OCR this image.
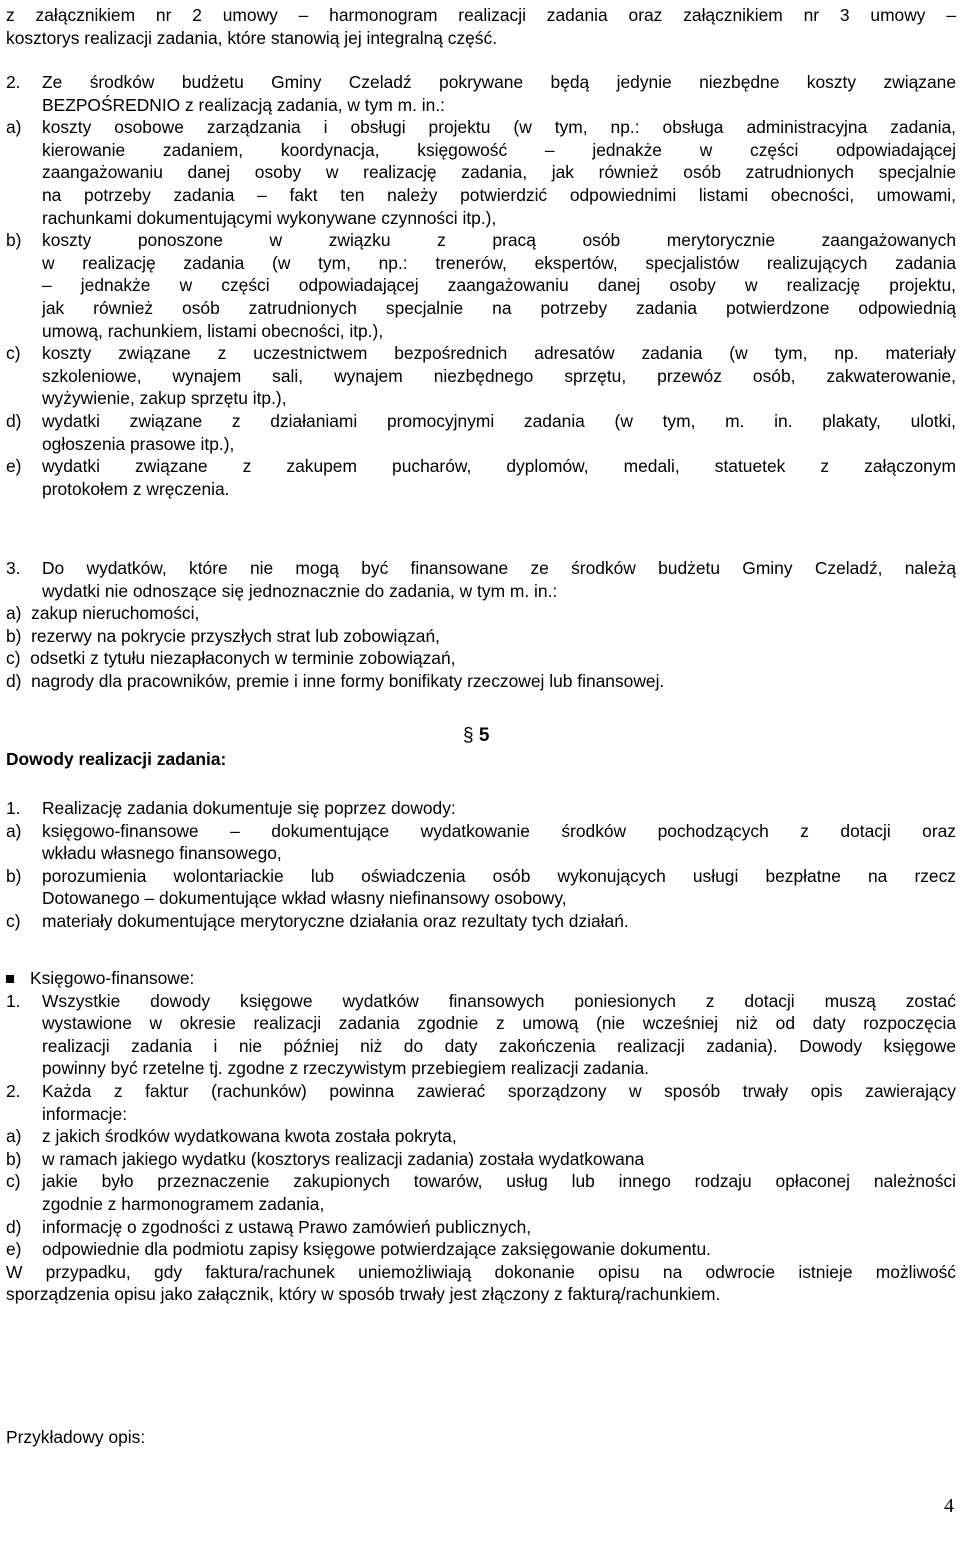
z załącznikiem nr 2 umowy – harmonogram realizacji zadania oraz załącznikiem nr 3 umowy –
kosztorys realizacji zadania, które stanowią jej integralną część.
2. Ze środków budżetu Gminy Czeladź pokrywane będą jedynie niezbędne koszty związane
BEZPOŚREDNIO z realizacją zadania, w tym m. in.:
a) koszty osobowe zarządzania i obsługi projektu (w tym, np.: obsługa administracyjna zadania,
kierowanie zadaniem, koordynacja, księgowość – jednakże w części odpowiadającej
zaangażowaniu danej osoby w realizację zadania, jak również osób zatrudnionych specjalnie
na potrzeby zadania – fakt ten należy potwierdzić odpowiednimi listami obecności, umowami,
rachunkami dokumentującymi wykonywane czynności itp.),
b) koszty ponoszone w związku z pracą osób merytorycznie zaangażowanych
w realizację zadania (w tym, np.: trenerów, ekspertów, specjalistów realizujących zadania
– jednakże w części odpowiadającej zaangażowaniu danej osoby w realizację projektu,
jak również osób zatrudnionych specjalnie na potrzeby zadania potwierdzone odpowiednią
umową, rachunkiem, listami obecności, itp.),
c) koszty związane z uczestnictwem bezpośrednich adresatów zadania (w tym, np. materiały
szkoleniowe, wynajem sali, wynajem niezbędnego sprzętu, przewóz osób, zakwaterowanie,
wyżywienie, zakup sprzętu itp.),
d) wydatki związane z działaniami promocyjnymi zadania (w tym, m. in. plakaty, ulotki,
ogłoszenia prasowe itp.),
e) wydatki związane z zakupem pucharów, dyplomów, medali, statuetek z załączonym
protokołem z wręczenia.
3. Do wydatków, które nie mogą być finansowane ze środków budżetu Gminy Czeladź, należą
wydatki nie odnoszące się jednoznacznie do zadania, w tym m. in.:
a)  zakup nieruchomości,
b)  rezerwy na pokrycie przyszłych strat lub zobowiązań,
c)  odsetki z tytułu niezapłaconych w terminie zobowiązań,
d)  nagrody dla pracowników, premie i inne formy bonifikaty rzeczowej lub finansowej.
§ 5
Dowody realizacji zadania:
1. Realizację zadania dokumentuje się poprzez dowody:
a) księgowo-finansowe – dokumentujące wydatkowanie środków pochodzących z dotacji oraz
wkładu własnego finansowego,
b) porozumienia wolontariackie lub oświadczenia osób wykonujących usługi bezpłatne na rzecz
Dotowanego – dokumentujące wkład własny niefinansowy osobowy,
c) materiały dokumentujące merytoryczne działania oraz rezultaty tych działań.
Księgowo-finansowe:
1. Wszystkie dowody księgowe wydatków finansowych poniesionych z dotacji muszą zostać
wystawione w okresie realizacji zadania zgodnie z umową (nie wcześniej niż od daty rozpoczęcia
realizacji zadania i nie później niż do daty zakończenia realizacji zadania). Dowody księgowe
powinny być rzetelne tj. zgodne z rzeczywistym przebiegiem realizacji zadania.
2. Każda z faktur (rachunków) powinna zawierać sporządzony w sposób trwały opis zawierający
informacje:
a) z jakich środków wydatkowana kwota została pokryta,
b) w ramach jakiego wydatku (kosztorys realizacji zadania) została wydatkowana
c) jakie było przeznaczenie zakupionych towarów, usług lub innego rodzaju opłaconej należności
zgodnie z harmonogramem zadania,
d) informację o zgodności z ustawą Prawo zamówień publicznych,
e) odpowiednie dla podmiotu zapisy księgowe potwierdzające zaksięgowanie dokumentu.
W przypadku, gdy faktura/rachunek uniemożliwiają dokonanie opisu na odwrocie istnieje możliwość
sporządzenia opisu jako załącznik, który w sposób trwały jest złączony z fakturą/rachunkiem.
Przykładowy opis:
4
